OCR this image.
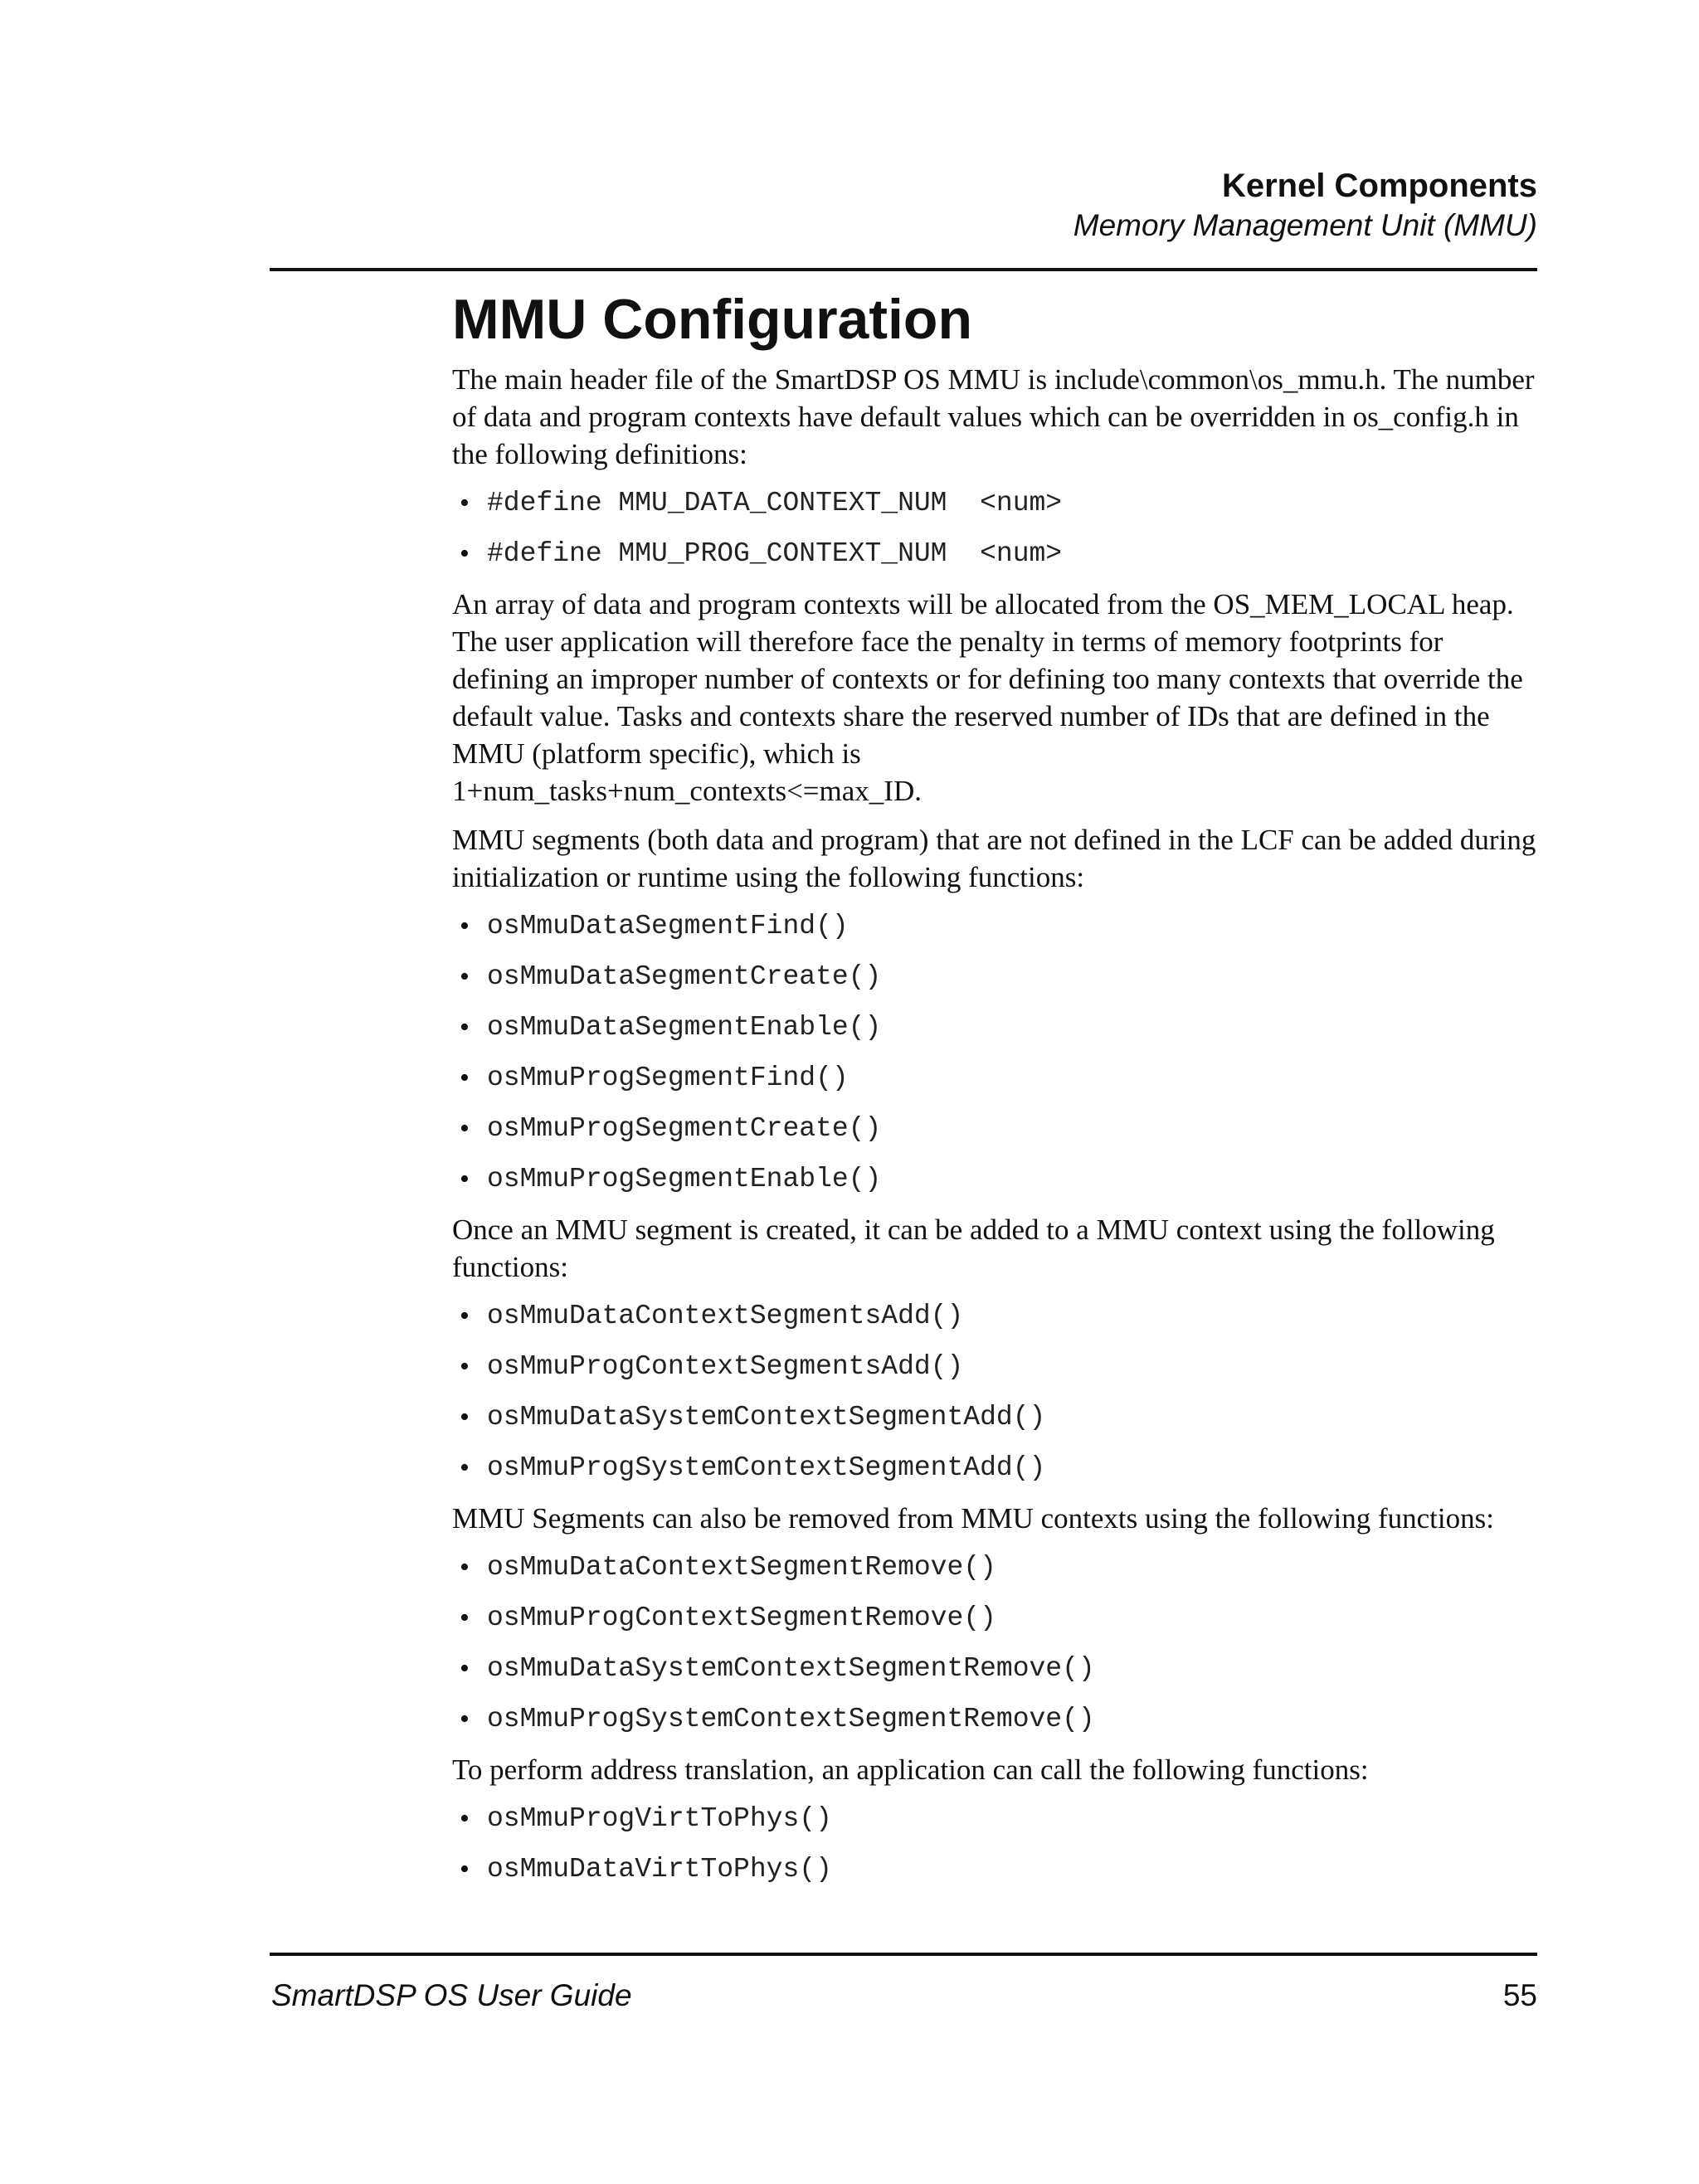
Kernel Components
Memory Management Unit (MMU)
MMU Configuration

The main header file of the SmartDSP OS MMU is include\common\os_mmu.h. The number of data and program contexts have default values which can be overridden in os_config.h in the following definitions:

• #define MMU_DATA_CONTEXT_NUM  <num>
• #define MMU_PROG_CONTEXT_NUM  <num>

An array of data and program contexts will be allocated from the OS_MEM_LOCAL heap. The user application will therefore face the penalty in terms of memory footprints for defining an improper number of contexts or for defining too many contexts that override the default value. Tasks and contexts share the reserved number of IDs that are defined in the MMU (platform specific), which is
1+num_tasks+num_contexts<=max_ID.

MMU segments (both data and program) that are not defined in the LCF can be added during initialization or runtime using the following functions:

• osMmuDataSegmentFind()
• osMmuDataSegmentCreate()
• osMmuDataSegmentEnable()
• osMmuProgSegmentFind()
• osMmuProgSegmentCreate()
• osMmuProgSegmentEnable()

Once an MMU segment is created, it can be added to a MMU context using the following functions:

• osMmuDataContextSegmentsAdd()
• osMmuProgContextSegmentsAdd()
• osMmuDataSystemContextSegmentAdd()
• osMmuProgSystemContextSegmentAdd()

MMU Segments can also be removed from MMU contexts using the following functions:

• osMmuDataContextSegmentRemove()
• osMmuProgContextSegmentRemove()
• osMmuDataSystemContextSegmentRemove()
• osMmuProgSystemContextSegmentRemove()

To perform address translation, an application can call the following functions:

• osMmuProgVirtToPhys()
• osMmuDataVirtToPhys()
SmartDSP OS User Guide	55
